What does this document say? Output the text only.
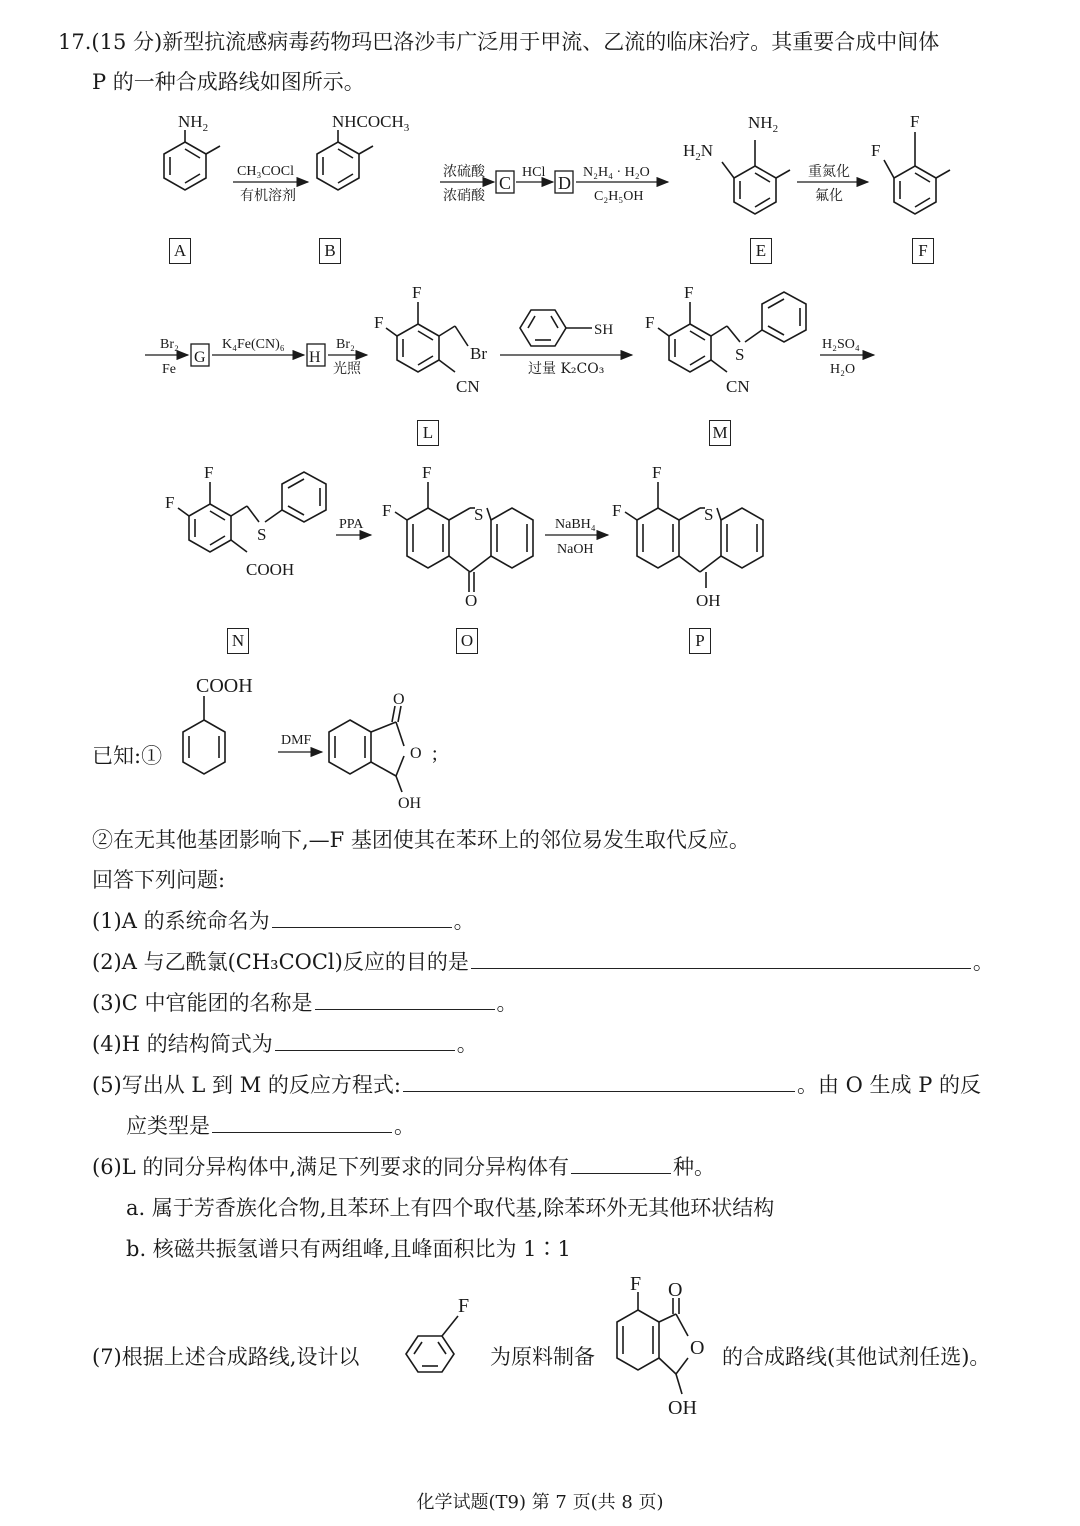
17.(15 分)新型抗流感病毒药物玛巴洛沙韦广泛用于甲流、乙流的临床治疗。其重要合成中间体
P 的一种合成路线如图所示。
$NH_2$
CH₃COCl
有机溶剂
$NHCOCH_3$
浓硫酸
浓硝酸
C
HCl
D
N₂H₄ · H₂O
C₂H₅OH
$NH_2$
$H_2N$
重氮化
氟化
F
F
A	B	E	F
Br₂
Fe
G
K₄Fe(CN)₆
H
Br₂
光照
F
F
Br
CN
SH
过量 K₂CO₃
F
F
S
CN
H₂SO₄
H₂O
L	M
F
F
S
COOH
PPA
F
F	S
O
NaBH₄
NaOH
F
F	S
OH
N	O	P
已知:①
COOH
DMF
O
O
OH
;
②在无其他基团影响下,—F 基团使其在苯环上的邻位易发生取代反应。
回答下列问题:
(1)A 的系统命名为	。
(2)A 与乙酰氯(CH₃COCl)反应的目的是	。
(3)C 中官能团的名称是	。
(4)H 的结构简式为	。
(5)写出从 L 到 M 的反应方程式:	。由 O 生成 P 的反
应类型是	。
(6)L 的同分异构体中,满足下列要求的同分异构体有	种。
a. 属于芳香族化合物,且苯环上有四个取代基,除苯环外无其他环状结构
b. 核磁共振氢谱只有两组峰,且峰面积比为 1∶1
(7)根据上述合成路线,设计以
F
为原料制备
F O
O
OH
的合成路线(其他试剂任选)。
化学试题(T9) 第 7 页(共 8 页)
